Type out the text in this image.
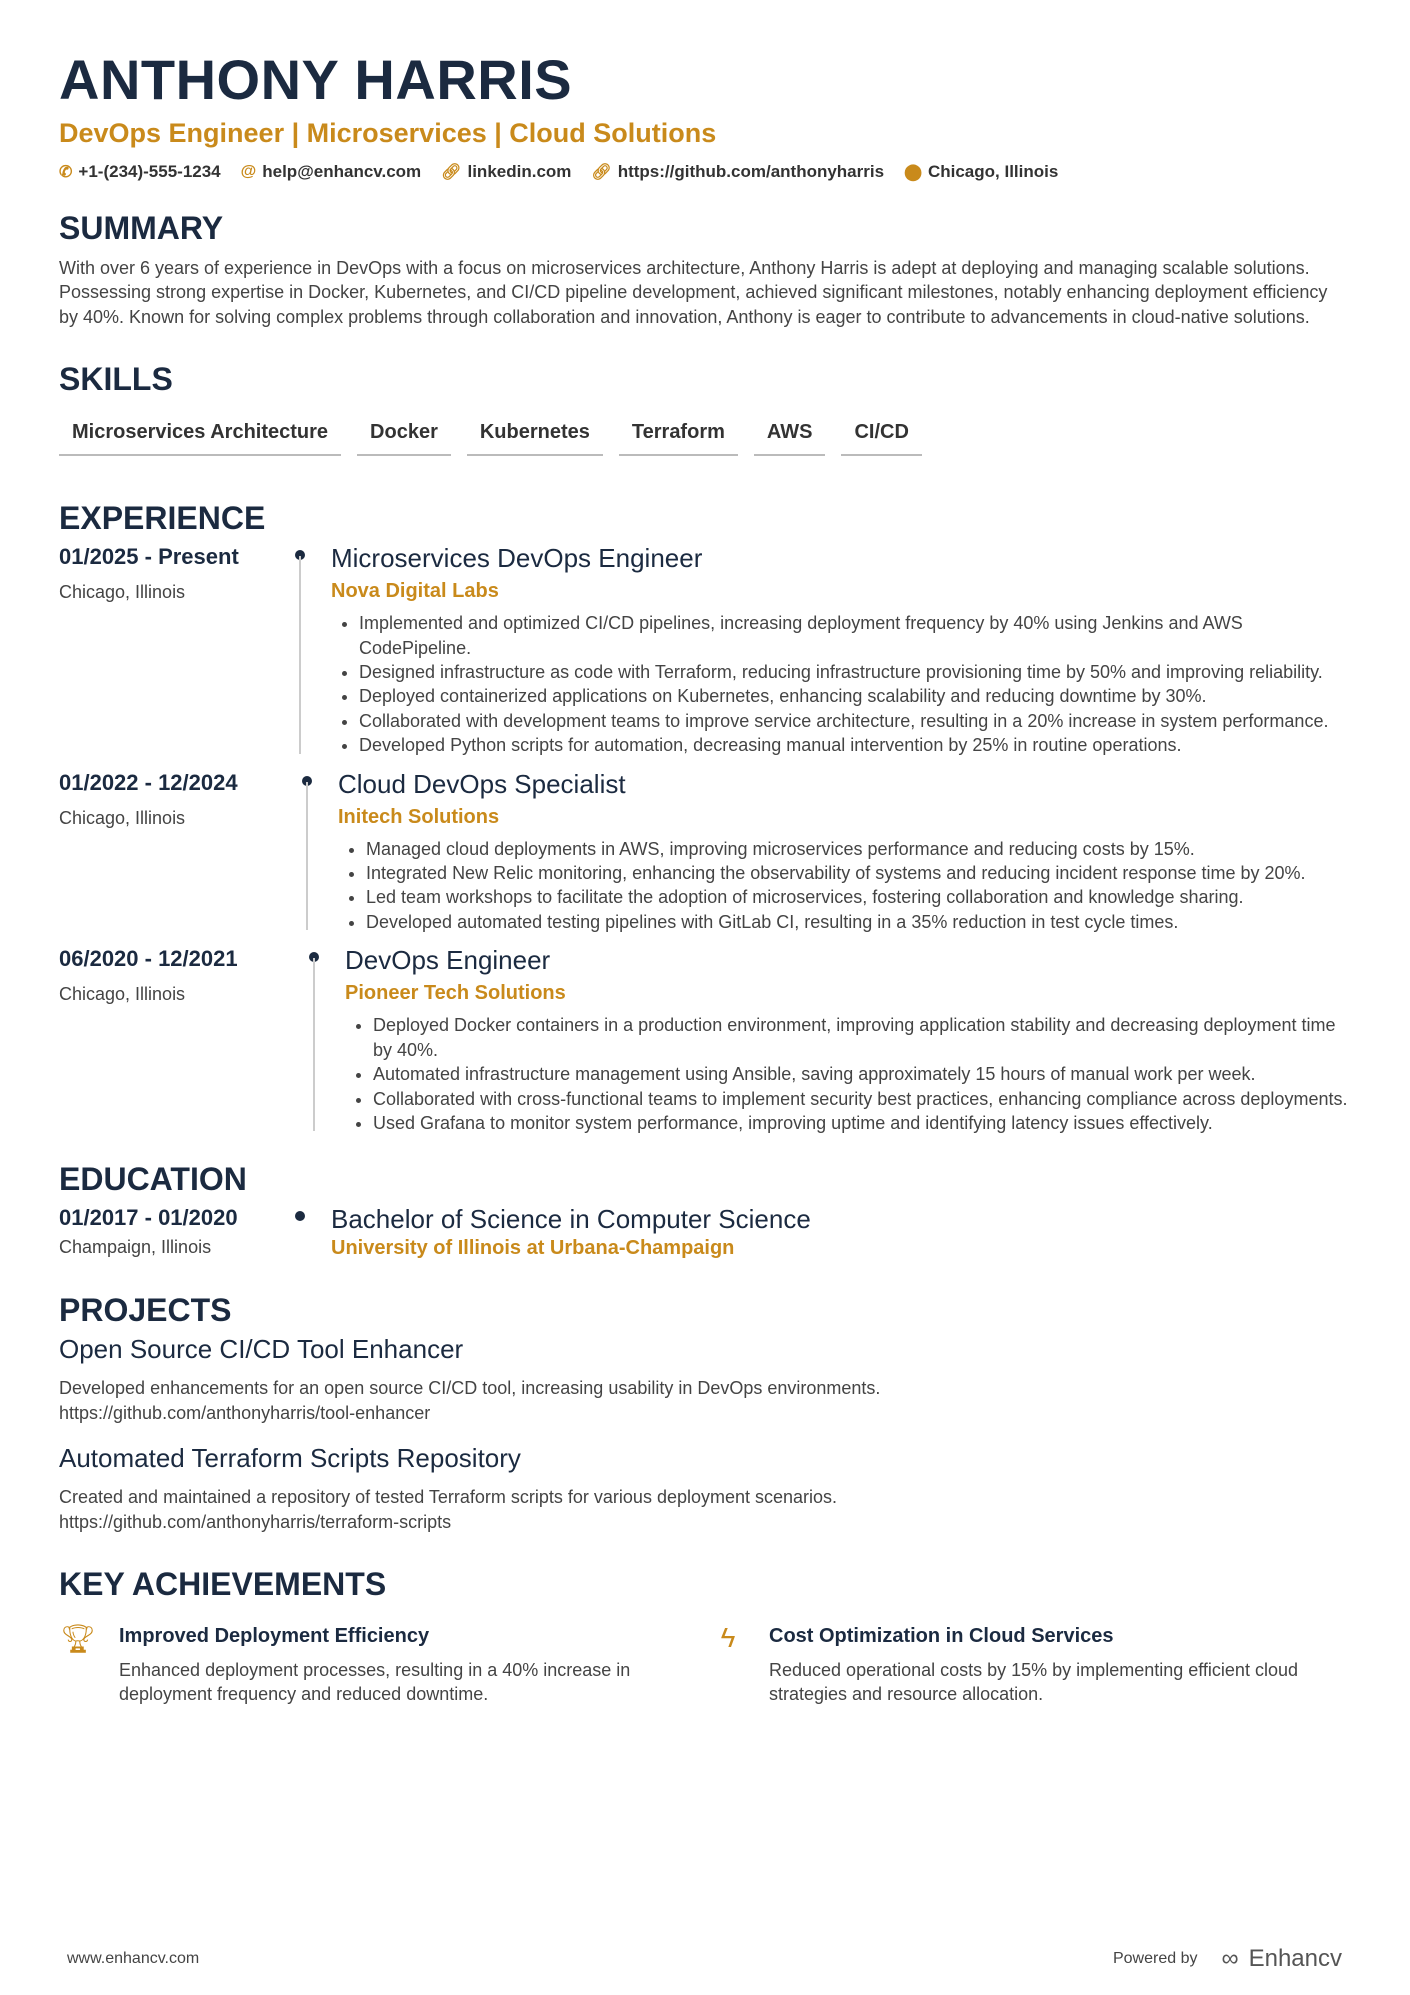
ANTHONY HARRIS
DevOps Engineer | Microservices | Cloud Solutions
✆ +1-(234)-555-1234 @ help@enhancv.com 🔗︎ linkedin.com 🔗︎ https://github.com/anthonyharris ⬤ Chicago, Illinois
SUMMARY

With over 6 years of experience in DevOps with a focus on microservices architecture, Anthony Harris is adept at deploying and managing scalable solutions. Possessing strong expertise in Docker, Kubernetes, and CI/CD pipeline development, achieved significant milestones, notably enhancing deployment efficiency by 40%. Known for solving complex problems through collaboration and innovation, Anthony is eager to contribute to advancements in cloud-native solutions.

SKILLS
Microservices Architecture	Docker	Kubernetes	Terraform	AWS	CI/CD
EXPERIENCE
01/2025 - Present
Chicago, Illinois
Microservices DevOps Engineer
Nova Digital Labs
• Implemented and optimized CI/CD pipelines, increasing deployment frequency by 40% using Jenkins and AWS CodePipeline.
• Designed infrastructure as code with Terraform, reducing infrastructure provisioning time by 50% and improving reliability.
• Deployed containerized applications on Kubernetes, enhancing scalability and reducing downtime by 30%.
• Collaborated with development teams to improve service architecture, resulting in a 20% increase in system performance.
• Developed Python scripts for automation, decreasing manual intervention by 25% in routine operations.
01/2022 - 12/2024
Chicago, Illinois
Cloud DevOps Specialist
Initech Solutions
• Managed cloud deployments in AWS, improving microservices performance and reducing costs by 15%.
• Integrated New Relic monitoring, enhancing the observability of systems and reducing incident response time by 20%.
• Led team workshops to facilitate the adoption of microservices, fostering collaboration and knowledge sharing.
• Developed automated testing pipelines with GitLab CI, resulting in a 35% reduction in test cycle times.
06/2020 - 12/2021
Chicago, Illinois
DevOps Engineer
Pioneer Tech Solutions
• Deployed Docker containers in a production environment, improving application stability and decreasing deployment time by 40%.
• Automated infrastructure management using Ansible, saving approximately 15 hours of manual work per week.
• Collaborated with cross-functional teams to implement security best practices, enhancing compliance across deployments.
• Used Grafana to monitor system performance, improving uptime and identifying latency issues effectively.
EDUCATION
01/2017 - 01/2020
Champaign, Illinois
Bachelor of Science in Computer Science
University of Illinois at Urbana-Champaign
PROJECTS
Open Source CI/CD Tool Enhancer

Developed enhancements for an open source CI/CD tool, increasing usability in DevOps environments.

https://github.com/anthonyharris/tool-enhancer

Automated Terraform Scripts Repository

Created and maintained a repository of tested Terraform scripts for various deployment scenarios.

https://github.com/anthonyharris/terraform-scripts

KEY ACHIEVEMENTS
🏆︎ Improved Deployment Efficiency
Enhanced deployment processes, resulting in a 40% increase in deployment frequency and reduced downtime.
ϟ	Cost Optimization in Cloud Services
Reduced operational costs by 15% by implementing efficient cloud strategies and resource allocation.
www.enhancv.com	Powered by ∞ Enhancv
